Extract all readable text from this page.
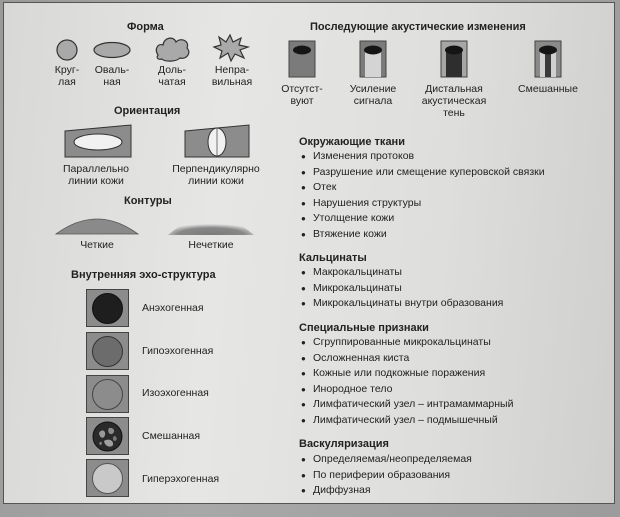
Форма
Круг-
лая
Оваль-
ная
Доль-
чатая
Непра-
вильная
Ориентация
Параллельно
линии кожи
Перпендикулярно
линии кожи
Контуры
Четкие	Нечеткие
Внутренняя эхо-структура
Анэхогенная
Гипоэхогенная
Изоэхогенная
Смешанная
Гиперэхогенная
Последующие акустические изменения
Отсутст-
вуют
Усиление
сигнала
Дистальная
акустическая
тень
Смешанные
Окружающие ткани
● Изменения протоков
● Разрушение или смещение куперовской связки
● Отек
● Нарушения структуры
● Утолщение кожи
● Втяжение кожи
Кальцинаты
● Макрокальцинаты
● Микрокальцинаты
● Микрокальцинаты внутри образования
Специальные признаки
● Сгруппированные микрокальцинаты
● Осложненная киста
● Кожные или подкожные поражения
● Инородное тело
● Лимфатический узел – интрамаммарный
● Лимфатический узел – подмышечный
Васкуляризация
● Определяемая/неопределяемая
● По периферии образования
● Диффузная
